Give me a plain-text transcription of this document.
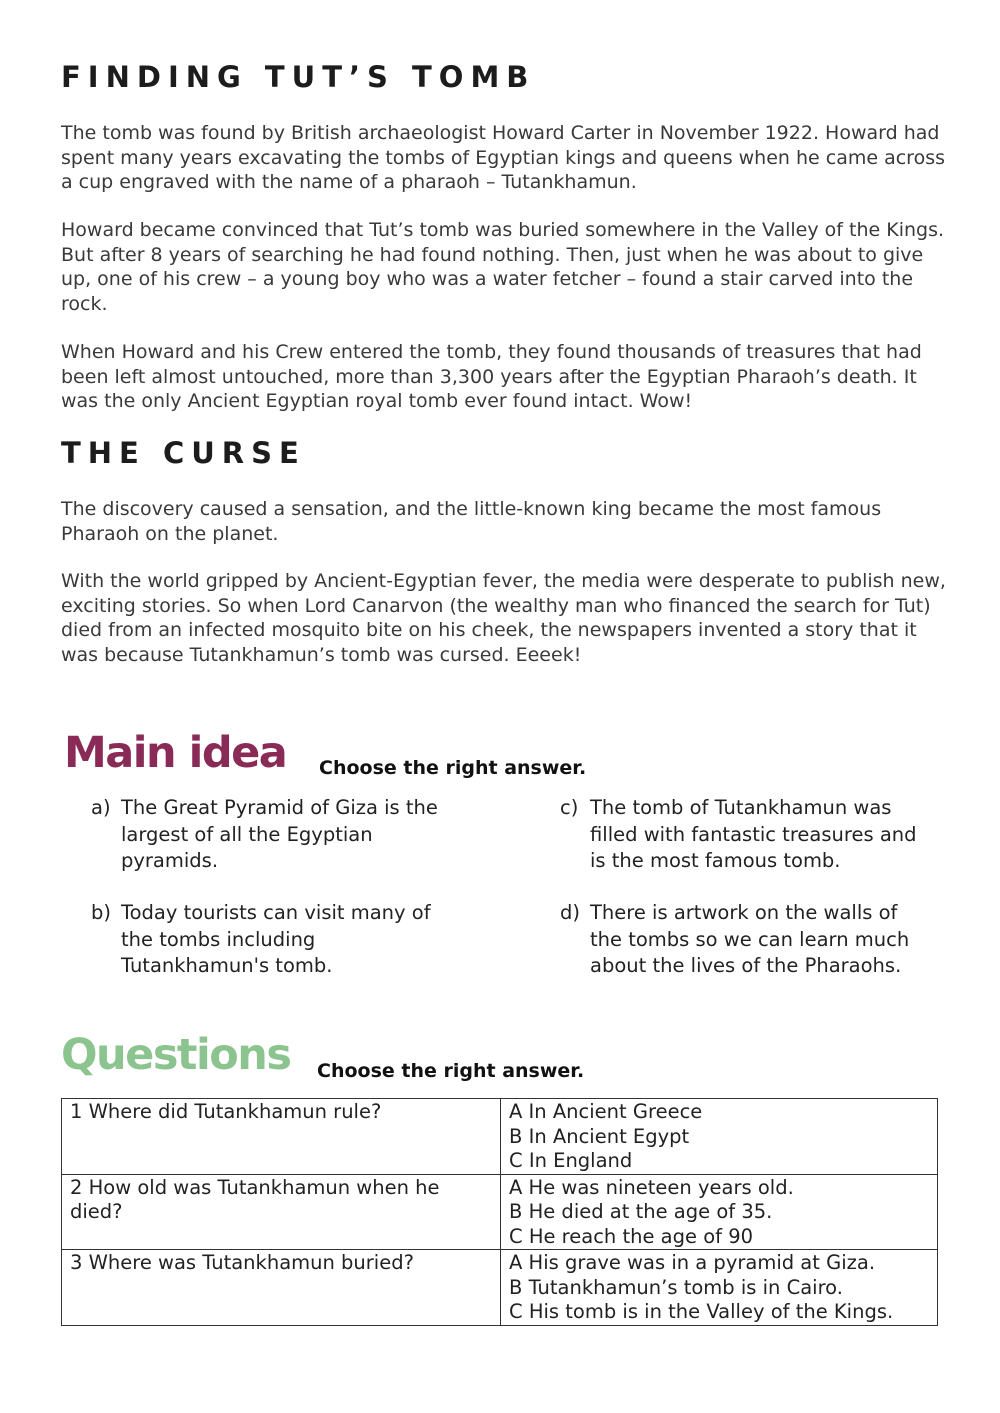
FINDING TUT’S TOMB

The tomb was found by British archaeologist Howard Carter in November 1922. Howard had spent many years excavating the tombs of Egyptian kings and queens when he came across a cup engraved with the name of a pharaoh – Tutankhamun.

Howard became convinced that Tut’s tomb was buried somewhere in the Valley of the Kings. But after 8 years of searching he had found nothing. Then, just when he was about to give up, one of his crew – a young boy who was a water fetcher – found a stair carved into the rock.

When Howard and his Crew entered the tomb, they found thousands of treasures that had been left almost untouched, more than 3,300 years after the Egyptian Pharaoh’s death. It was the only Ancient Egyptian royal tomb ever found intact. Wow!

THE CURSE

The discovery caused a sensation, and the little-known king became the most famous Pharaoh on the planet.

With the world gripped by Ancient-Egyptian fever, the media were desperate to publish new, exciting stories. So when Lord Canarvon (the wealthy man who financed the search for Tut) died from an infected mosquito bite on his cheek, the newspapers invented a story that it was because Tutankhamun’s tomb was cursed. Eeeek!

Main idea Choose the right answer.
a) The Great Pyramid of Giza is the largest of all the Egyptian pyramids.
b) Today tourists can visit many of the tombs including Tutankhamun's tomb.
c) The tomb of Tutankhamun was filled with fantastic treasures and is the most famous tomb.
d) There is artwork on the walls of the tombs so we can learn much about the lives of the Pharaohs.
Questions Choose the right answer.
1 Where did Tutankhamun rule?	A In Ancient Greece
B In Ancient Egypt
C In England

2 How old was Tutankhamun when he died?	A He was nineteen years old.
B He died at the age of 35.
C He reach the age of 90

3 Where was Tutankhamun buried?	A His grave was in a pyramid at Giza.
B Tutankhamun’s tomb is in Cairo.
C His tomb is in the Valley of the Kings.
